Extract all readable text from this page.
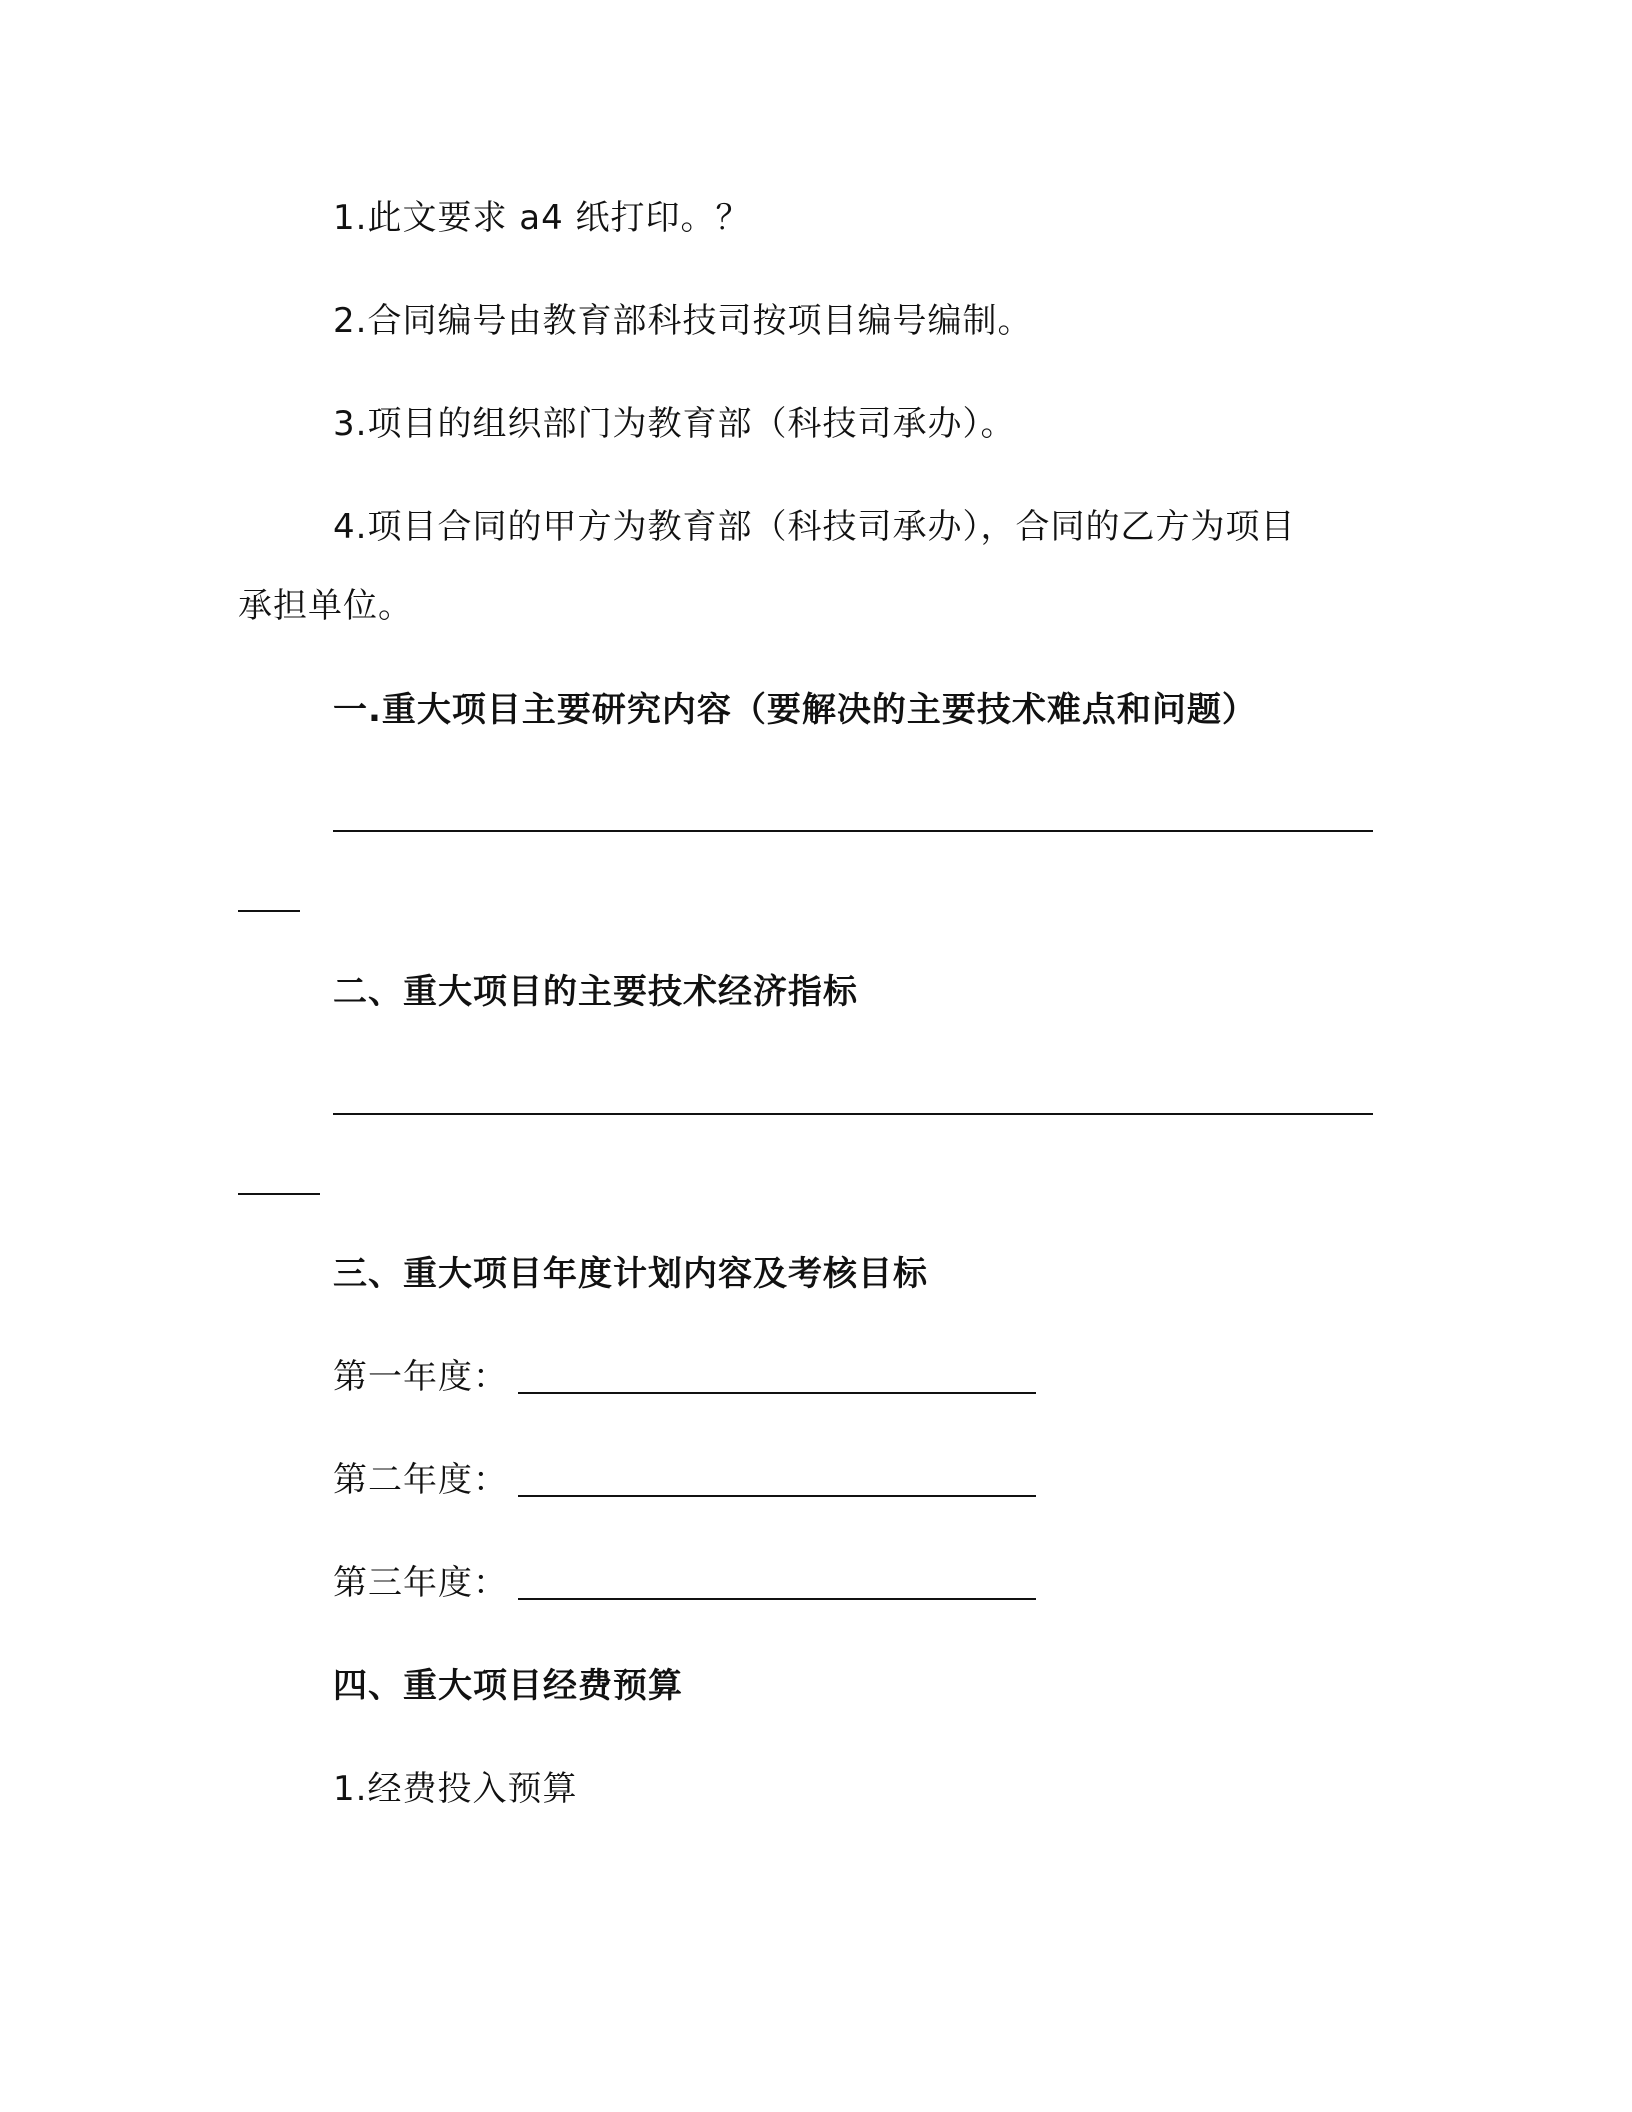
1.此文要求 a4 纸打印。？
2.合同编号由教育部科技司按项目编号编制。
3.项目的组织部门为教育部（科技司承办）。
4.项目合同的甲方为教育部（科技司承办），合同的乙方为项目
承担单位。
一.重大项目主要研究内容（要解决的主要技术难点和问题）
二、重大项目的主要技术经济指标
三、重大项目年度计划内容及考核目标
第一年度：
第二年度：
第三年度：
四、重大项目经费预算
1.经费投入预算
